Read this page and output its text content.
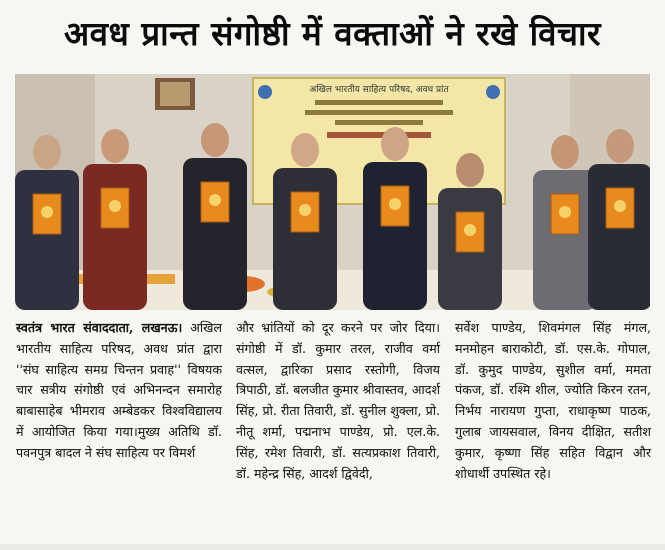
अवध प्रान्त संगोष्ठी में वक्ताओं ने रखे विचार
अखिल भारतीय साहित्य परिषद, अवध प्रांत
स्वतंत्र भारत संवाददाता, लखनऊ। अखिल भारतीय साहित्य परिषद, अवध प्रांत द्वारा ''संघ साहित्य समग्र चिन्तन प्रवाह'' विषयक चार सत्रीय संगोष्ठी एवं अभिनन्दन समारोह बाबासाहेब भीमराव अम्बेडकर विश्वविद्यालय में आयोजित किया गया।मुख्य अतिथि डॉ. पवनपुत्र बादल ने संघ साहित्य पर विमर्श
और भ्रांतियों को दूर करने पर जोर दिया। संगोष्ठी में डॉ. कुमार तरल, राजीव वर्मा वत्सल, द्वारिका प्रसाद रस्तोगी, विजय त्रिपाठी, डॉ. बलजीत कुमार श्रीवास्तव, आदर्श सिंह, प्रो. रीता तिवारी, डॉ. सुनील शुक्ला, प्रो. नीतू शर्मा, पद्मनाभ पाण्डेय, प्रो. एल.के. सिंह, रमेश तिवारी, डॉ. सत्यप्रकाश तिवारी, डॉ. महेन्द्र सिंह, आदर्श द्विवेदी,
सर्वेश पाण्डेय, शिवमंगल सिंह मंगल, मनमोहन बाराकोटी, डॉ. एस.के. गोपाल, डॉ. कुमुद पाण्डेय, सुशील वर्मा, ममता पंकज, डॉ. रश्मि शील, ज्योति किरन रतन, निर्भय नारायण गुप्ता, राधाकृष्ण पाठक, गुलाब जायसवाल, विनय दीक्षित, सतीश कुमार, कृष्णा सिंह सहित विद्वान और शोधार्थी उपस्थित रहे।
